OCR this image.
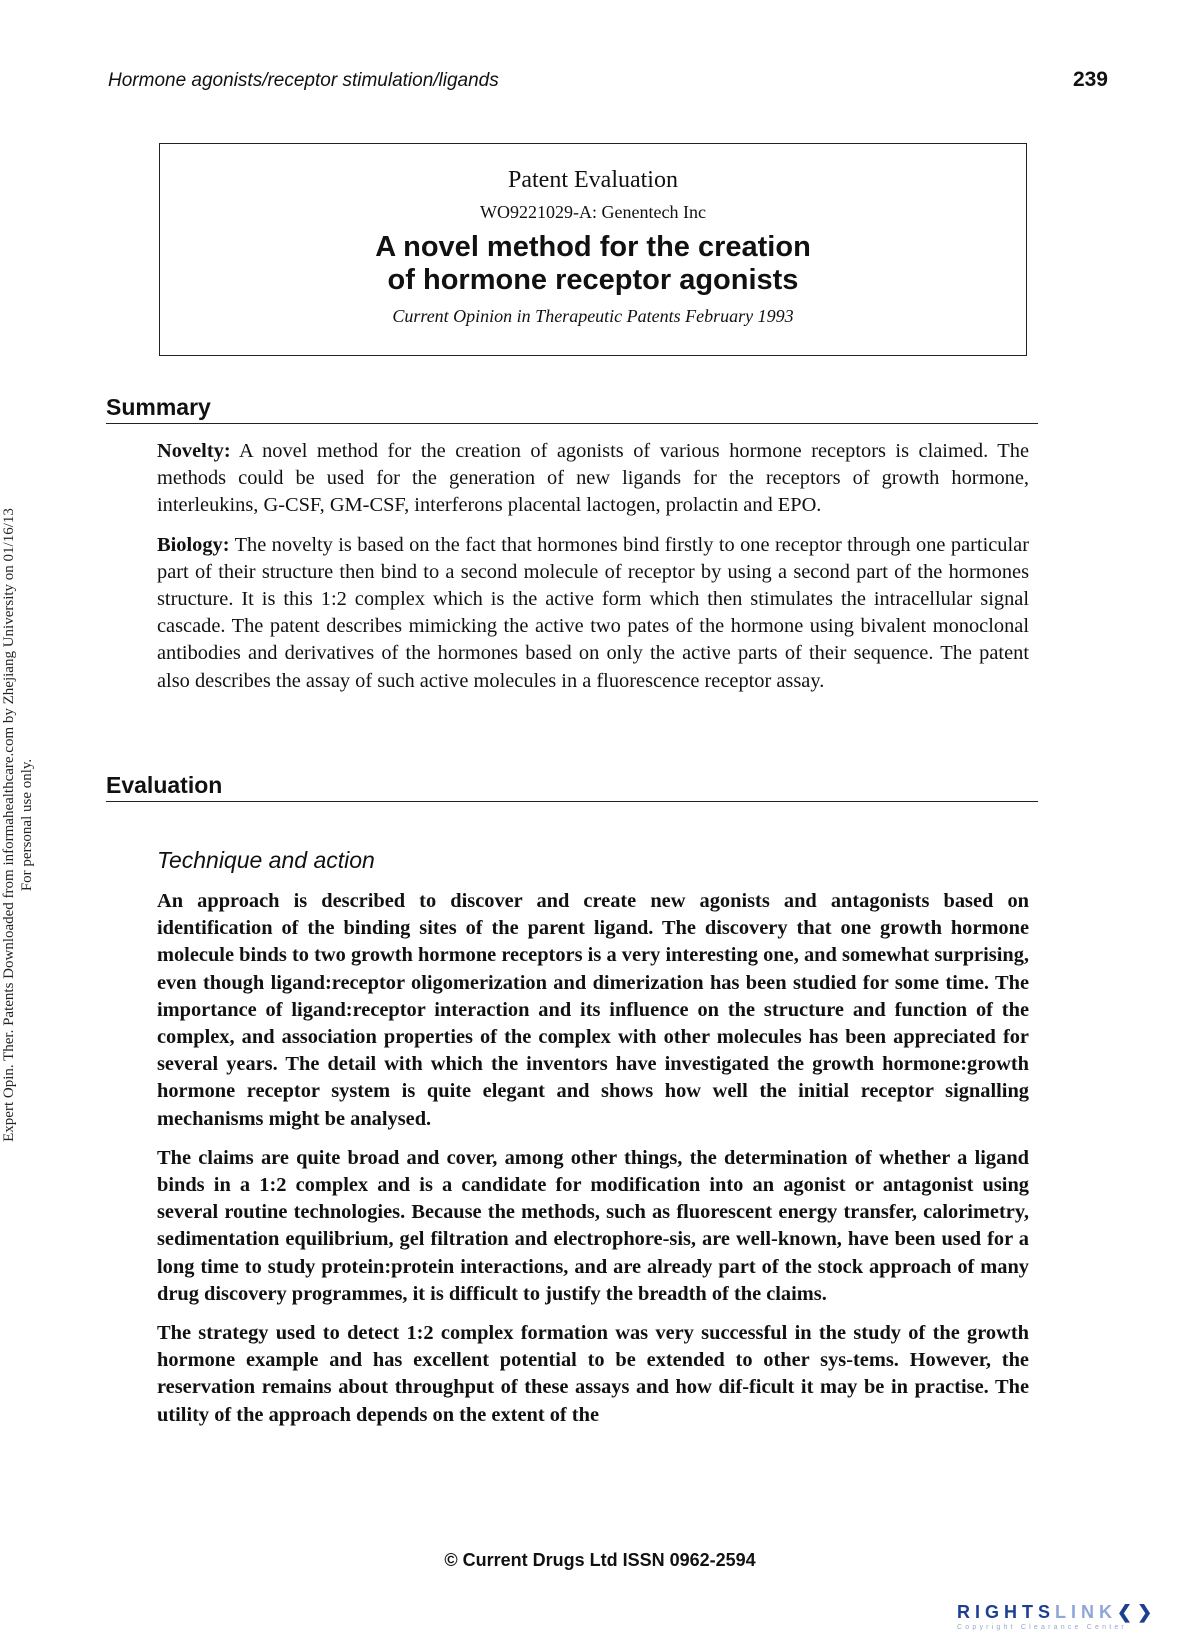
Hormone agonists/receptor stimulation/ligands	239
Expert Opin. Ther. Patents Downloaded from informahealthcare.com by Zhejiang University on 01/16/13 For personal use only.
Patent Evaluation
WO9221029-A: Genentech Inc
A novel method for the creation
of hormone receptor agonists
Current Opinion in Therapeutic Patents February 1993
Summary

Novelty: A novel method for the creation of agonists of various hormone receptors is claimed. The methods could be used for the generation of new ligands for the receptors of growth hormone, interleukins, G-CSF, GM-CSF, interferons placental lactogen, prolactin and EPO.

Biology: The novelty is based on the fact that hormones bind firstly to one receptor through one particular part of their structure then bind to a second molecule of receptor by using a second part of the hormones structure. It is this 1:2 complex which is the active form which then stimulates the intracellular signal cascade. The patent describes mimicking the active two pates of the hormone using bivalent monoclonal antibodies and derivatives of the hormones based on only the active parts of their sequence. The patent also describes the assay of such active molecules in a fluorescence receptor assay.

Evaluation
Technique and action

An approach is described to discover and create new agonists and antagonists based on identification of the binding sites of the parent ligand. The discovery that one growth hormone molecule binds to two growth hormone receptors is a very interesting one, and somewhat surprising, even though ligand:receptor oligomerization and dimerization has been studied for some time. The importance of ligand:receptor interaction and its influence on the structure and function of the complex, and association properties of the complex with other molecules has been appreciated for several years. The detail with which the inventors have investigated the growth hormone:growth hormone receptor system is quite elegant and shows how well the initial receptor signalling mechanisms might be analysed.

The claims are quite broad and cover, among other things, the determination of whether a ligand binds in a 1:2 complex and is a candidate for modification into an agonist or antagonist using several routine technologies. Because the methods, such as fluorescent energy transfer, calorimetry, sedimentation equilibrium, gel filtration and electrophore-sis, are well-known, have been used for a long time to study protein:protein interactions, and are already part of the stock approach of many drug discovery programmes, it is difficult to justify the breadth of the claims.

The strategy used to detect 1:2 complex formation was very successful in the study of the growth hormone example and has excellent potential to be extended to other sys-tems. However, the reservation remains about throughput of these assays and how dif-ficult it may be in practise. The utility of the approach depends on the extent of the

© Current Drugs Ltd ISSN 0962-2594
RIGHTSLINK❮❯
Copyright Clearance Center
